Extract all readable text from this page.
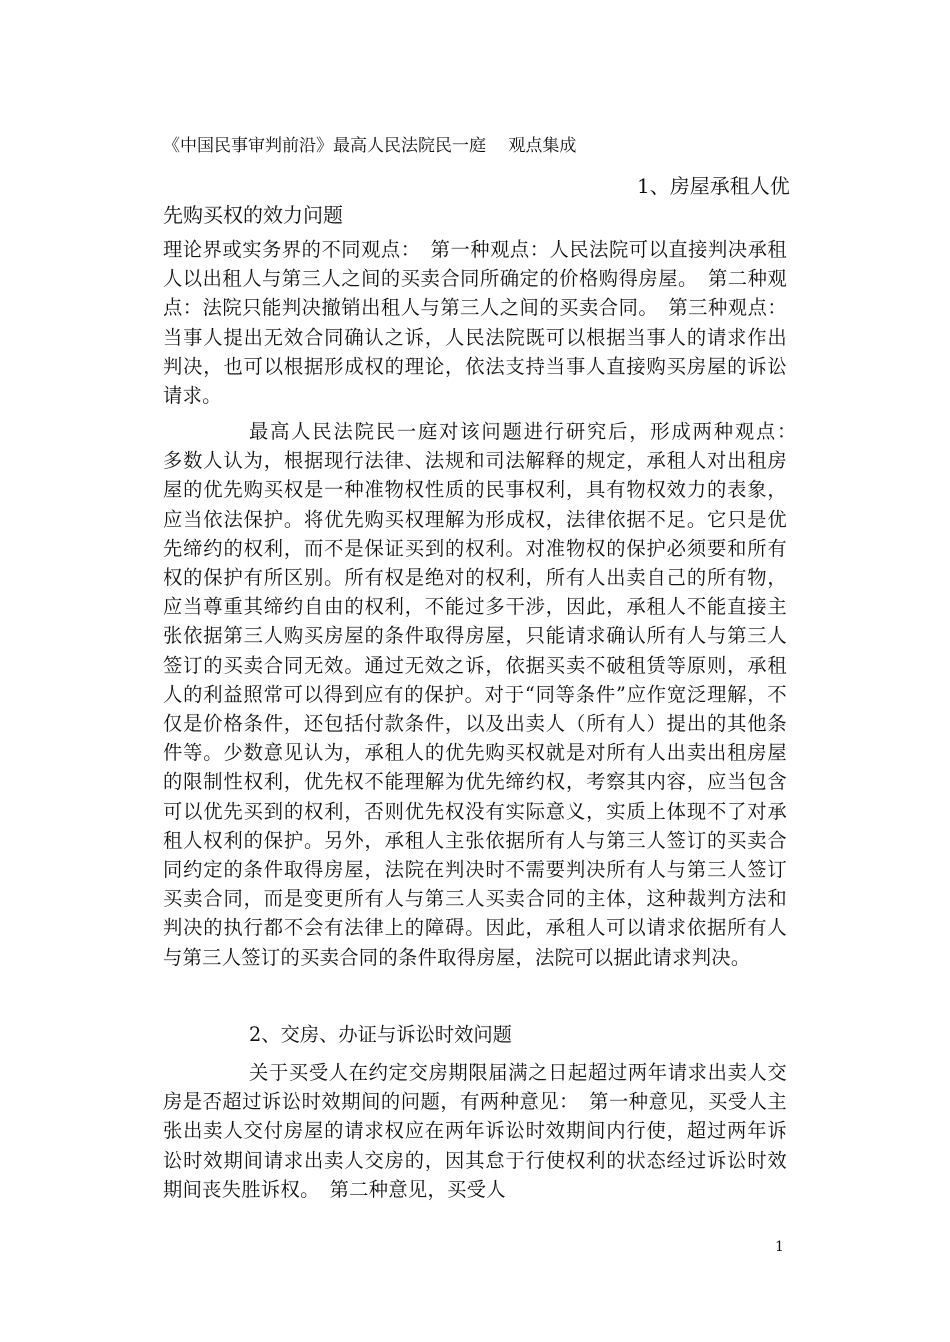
《中国民事审判前沿》最高人民法院民一庭　 观点集成
1、房屋承租人优
先购买权的效力问题

理论界或实务界的不同观点：　第一种观点：人民法院可以直接判决承租人以出租人与第三人之间的买卖合同所确定的价格购得房屋。　第二种观点：法院只能判决撤销出租人与第三人之间的买卖合同。　第三种观点：当事人提出无效合同确认之诉，人民法院既可以根据当事人的请求作出判决，也可以根据形成权的理论，依法支持当事人直接购买房屋的诉讼请求。

最高人民法院民一庭对该问题进行研究后，形成两种观点：　多数人认为，根据现行法律、法规和司法解释的规定，承租人对出租房屋的优先购买权是一种准物权性质的民事权利，具有物权效力的表象，应当依法保护。将优先购买权理解为形成权，法律依据不足。它只是优先缔约的权利，而不是保证买到的权利。对准物权的保护必须要和所有权的保护有所区别。所有权是绝对的权利，所有人出卖自己的所有物，应当尊重其缔约自由的权利，不能过多干涉，因此，承租人不能直接主张依据第三人购买房屋的条件取得房屋，只能请求确认所有人与第三人签订的买卖合同无效。通过无效之诉，依据买卖不破租赁等原则，承租人的利益照常可以得到应有的保护。对于“同等条件”应作宽泛理解，不仅是价格条件，还包括付款条件，以及出卖人（所有人）提出的其他条件等。少数意见认为，承租人的优先购买权就是对所有人出卖出租房屋的限制性权利，优先权不能理解为优先缔约权，考察其内容，应当包含可以优先买到的权利，否则优先权没有实际意义，实质上体现不了对承租人权利的保护。另外，承租人主张依据所有人与第三人签订的买卖合同约定的条件取得房屋，法院在判决时不需要判决所有人与第三人签订买卖合同，而是变更所有人与第三人买卖合同的主体，这种裁判方法和判决的执行都不会有法律上的障碍。因此，承租人可以请求依据所有人与第三人签订的买卖合同的条件取得房屋，法院可以据此请求判决。

2、交房、办证与诉讼时效问题

关于买受人在约定交房期限届满之日起超过两年请求出卖人交房是否超过诉讼时效期间的问题，有两种意见：　第一种意见，买受人主张出卖人交付房屋的请求权应在两年诉讼时效期间内行使，超过两年诉讼时效期间请求出卖人交房的，因其怠于行使权利的状态经过诉讼时效期间丧失胜诉权。　第二种意见，买受人

1
